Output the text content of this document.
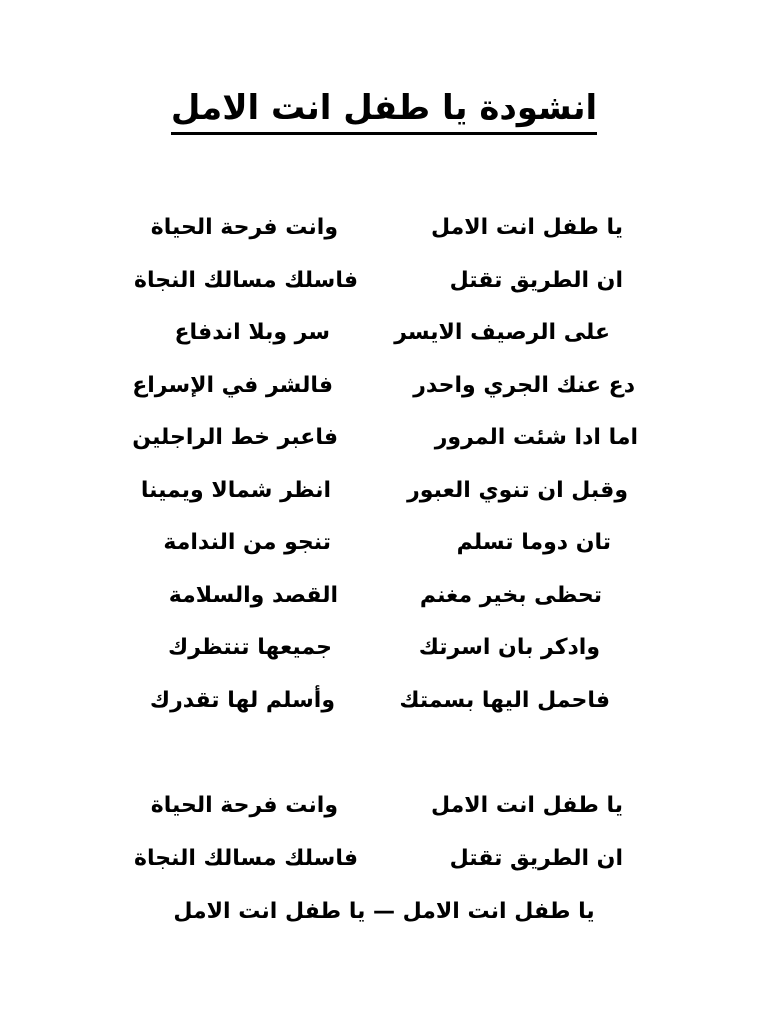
انشودة يا طفل انت الامل
يا طفل انت الامل
وانت فرحة الحياة
ان الطريق تقتل
فاسلك مسالك النجاة
على الرصيف الايسر
سر وبلا اندفاع
دع عنك الجري واحدر
فالشر في الإسراع
اما ادا شئت المرور
فاعبر خط الراجلين
وقبل ان تنوي العبور
انظر شمالا ويمينا
تان دوما تسلم
تنجو من الندامة
تحظى بخير مغنم
القصد والسلامة
وادكر بان اسرتك
جميعها تنتظرك
فاحمل اليها بسمتك
وأسلم لها تقدرك
يا طفل انت الامل
وانت فرحة الحياة
ان الطريق تقتل
فاسلك مسالك النجاة
يا طفل انت الامل — يا طفل انت الامل
